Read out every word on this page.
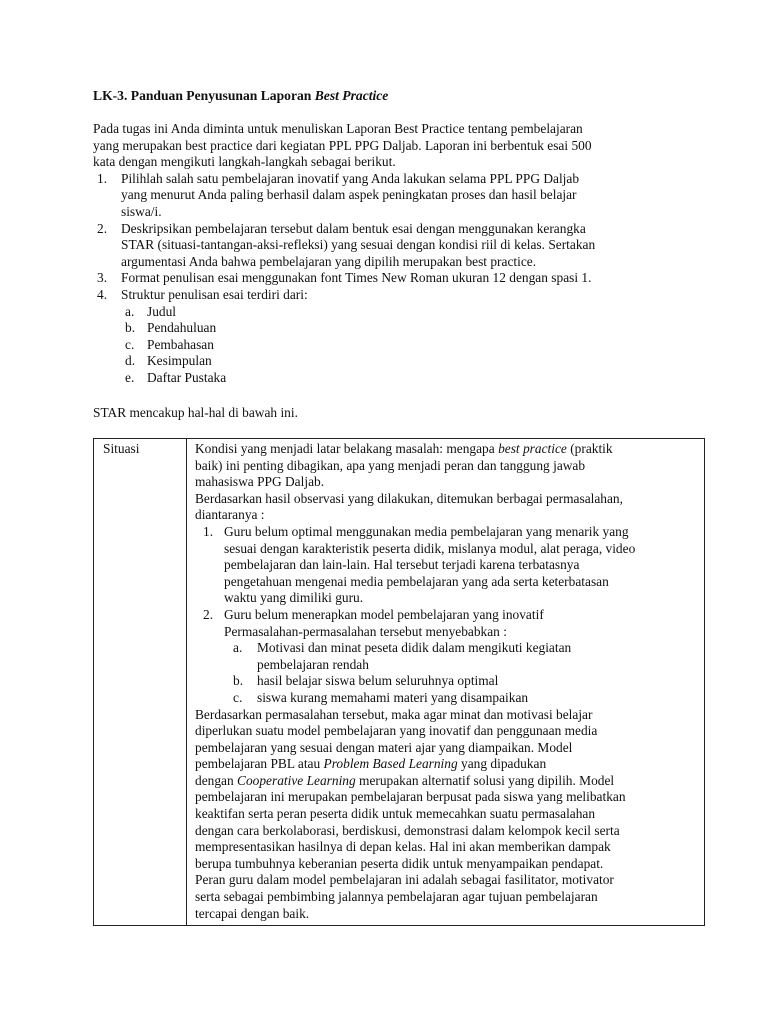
LK-3. Panduan Penyusunan Laporan Best Practice
Pada tugas ini Anda diminta untuk menuliskan Laporan Best Practice tentang pembelajaran
yang merupakan best practice dari kegiatan PPL PPG Daljab. Laporan ini berbentuk esai 500
kata dengan mengikuti langkah-langkah sebagai berikut.
1. Pilihlah salah satu pembelajaran inovatif yang Anda lakukan selama PPL PPG Daljab
yang menurut Anda paling berhasil dalam aspek peningkatan proses dan hasil belajar
siswa/i.
2. Deskripsikan pembelajaran tersebut dalam bentuk esai dengan menggunakan kerangka
STAR (situasi-tantangan-aksi-refleksi) yang sesuai dengan kondisi riil di kelas. Sertakan
argumentasi Anda bahwa pembelajaran yang dipilih merupakan best practice.
3. Format penulisan esai menggunakan font Times New Roman ukuran 12 dengan spasi 1.
4. Struktur penulisan esai terdiri dari:
a. Judul
b. Pendahuluan
c. Pembahasan
d. Kesimpulan
e. Daftar Pustaka
STAR mencakup hal-hal di bawah ini.
Situasi	Kondisi yang menjadi latar belakang masalah: mengapa best practice (praktik
baik) ini penting dibagikan, apa yang menjadi peran dan tanggung jawab
mahasiswa PPG Daljab.
Berdasarkan hasil observasi yang dilakukan, ditemukan berbagai permasalahan,
diantaranya :
1. Guru belum optimal menggunakan media pembelajaran yang menarik yang
sesuai dengan karakteristik peserta didik, mislanya modul, alat peraga, video
pembelajaran dan lain-lain. Hal tersebut terjadi karena terbatasnya
pengetahuan mengenai media pembelajaran yang ada serta keterbatasan
waktu yang dimiliki guru.
2. Guru belum menerapkan model pembelajaran yang inovatif
Permasalahan-permasalahan tersebut menyebabkan :
a. Motivasi dan minat peseta didik dalam mengikuti kegiatan
pembelajaran rendah
b. hasil belajar siswa belum seluruhnya optimal
c. siswa kurang memahami materi yang disampaikan
Berdasarkan permasalahan tersebut, maka agar minat dan motivasi belajar
diperlukan suatu model pembelajaran yang inovatif dan penggunaan media
pembelajaran yang sesuai dengan materi ajar yang diampaikan. Model
pembelajaran PBL atau Problem Based Learning yang dipadukan
dengan Cooperative Learning merupakan alternatif solusi yang dipilih. Model
pembelajaran ini merupakan pembelajaran berpusat pada siswa yang melibatkan
keaktifan serta peran peserta didik untuk memecahkan suatu permasalahan
dengan cara berkolaborasi, berdiskusi, demonstrasi dalam kelompok kecil serta
mempresentasikan hasilnya di depan kelas. Hal ini akan memberikan dampak
berupa tumbuhnya keberanian peserta didik untuk menyampaikan pendapat.
Peran guru dalam model pembelajaran ini adalah sebagai fasilitator, motivator
serta sebagai pembimbing jalannya pembelajaran agar tujuan pembelajaran
tercapai dengan baik.
